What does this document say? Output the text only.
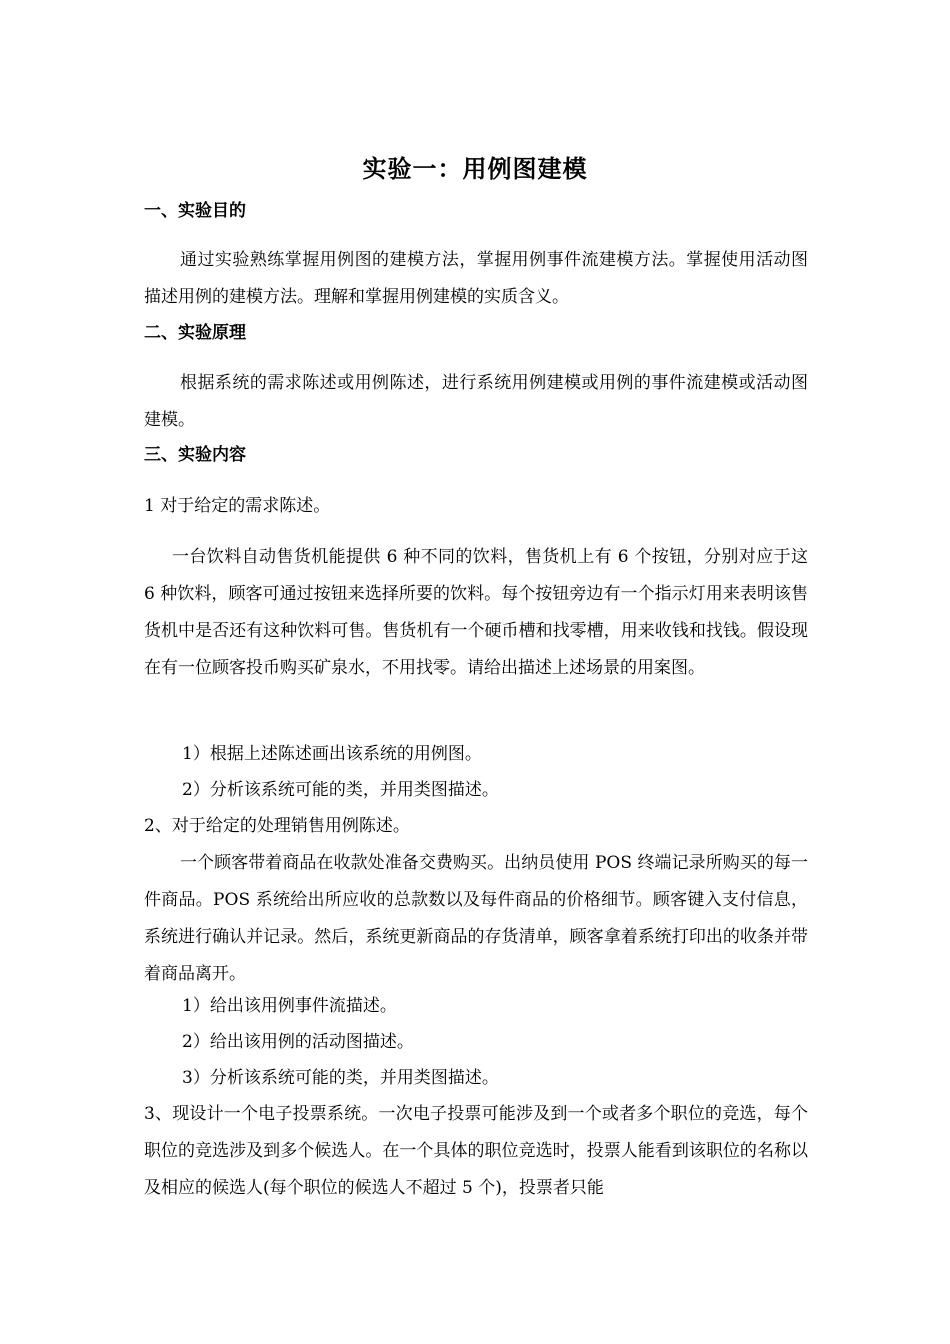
实验一：用例图建模
一、实验目的
通过实验熟练掌握用例图的建模方法，掌握用例事件流建模方法。掌握使用活动图描述用例的建模方法。理解和掌握用例建模的实质含义。
二、实验原理
根据系统的需求陈述或用例陈述，进行系统用例建模或用例的事件流建模或活动图建模。
三、实验内容
1 对于给定的需求陈述。
一台饮料自动售货机能提供 6 种不同的饮料，售货机上有 6 个按钮，分别对应于这 6 种饮料，顾客可通过按钮来选择所要的饮料。每个按钮旁边有一个指示灯用来表明该售货机中是否还有这种饮料可售。售货机有一个硬币槽和找零槽，用来收钱和找钱。假设现在有一位顾客投币购买矿泉水，不用找零。请给出描述上述场景的用案图。
1）根据上述陈述画出该系统的用例图。
2）分析该系统可能的类，并用类图描述。
2、对于给定的处理销售用例陈述。
一个顾客带着商品在收款处准备交费购买。出纳员使用 POS 终端记录所购买的每一件商品。POS 系统给出所应收的总款数以及每件商品的价格细节。顾客键入支付信息，系统进行确认并记录。然后，系统更新商品的存货清单，顾客拿着系统打印出的收条并带着商品离开。
1）给出该用例事件流描述。
2）给出该用例的活动图描述。
3）分析该系统可能的类，并用类图描述。
3、现设计一个电子投票系统。一次电子投票可能涉及到一个或者多个职位的竞选，每个职位的竞选涉及到多个候选人。在一个具体的职位竞选时，投票人能看到该职位的名称以及相应的候选人(每个职位的候选人不超过 5 个)，投票者只能
